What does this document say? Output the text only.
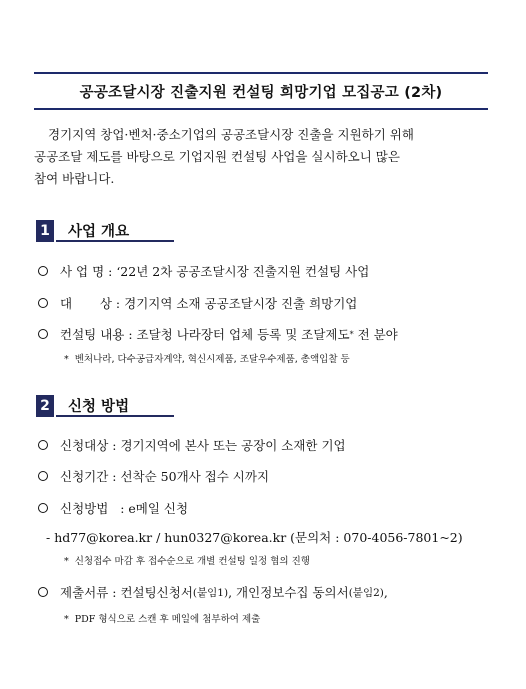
공공조달시장 진출지원 컨설팅 희망기업 모집공고 (2차)
경기지역 창업·벤처·중소기업의 공공조달시장 진출을 지원하기 위해
공공조달 제도를 바탕으로 기업지원 컨설팅 사업을 실시하오니 많은
참여 바랍니다.
1	사업 개요
사 업 명 : ‘22년 2차 공공조달시장 진출지원 컨설팅 사업
대       상 : 경기지역 소재 공공조달시장 진출 희망기업
컨설팅 내용 : 조달청 나라장터 업체 등록 및 조달제도 *
전 분야
* 벤처나라, 다수공급자계약, 혁신시제품, 조달우수제품, 총액입찰 등
2	신청 방법
신청대상 : 경기지역에 본사 또는 공장이 소재한 기업
신청기간 : 선착순 50개사 접수 시까지
신청방법   : e메일 신청
- hd77@korea.kr / hun0327@korea.kr (문의처 : 070-4056-7801~2)
* 신청접수 마감 후 접수순으로 개별 컨설팅 일정 협의 진행
제출서류 : 컨설팅신청서 (붙임1) , 개인정보수집 동의서 (붙임2) ,
* PDF 형식으로 스캔 후 메일에 첨부하여 제출
